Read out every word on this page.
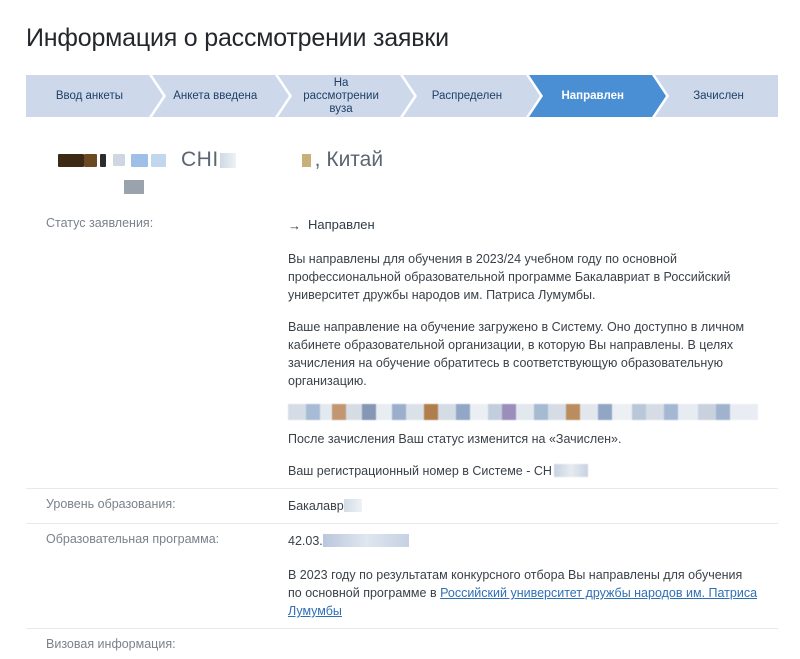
Информация о рассмотрении заявки
Ввод анкеты	Анкета введена
На рассмотрении вуза
Распределен	Направлен	Зачислен
CHI	, Китай
Статус заявления:	→ Направлен

Вы направлены для обучения в 2023/24 учебном году по основной профессиональной образовательной программе Бакалавриат в Российский университет дружбы народов им. Патриса Лумумбы.

Ваше направление на обучение загружено в Систему. Оно доступно в личном кабинете образовательной организации, в которую Вы направлены. В целях зачисления на обучение обратитесь в соответствующую образовательную организацию.

После зачисления Ваш статус изменится на «Зачислен».

Ваш регистрационный номер в Системе - CH

Уровень образования:	Бакалавр
Образовательная программа:	42.03.

В 2023 году по результатам конкурсного отбора Вы направлены для обучения по основной программе в Российский университет дружбы народов им. Патриса Лумумбы

Визовая информация:
